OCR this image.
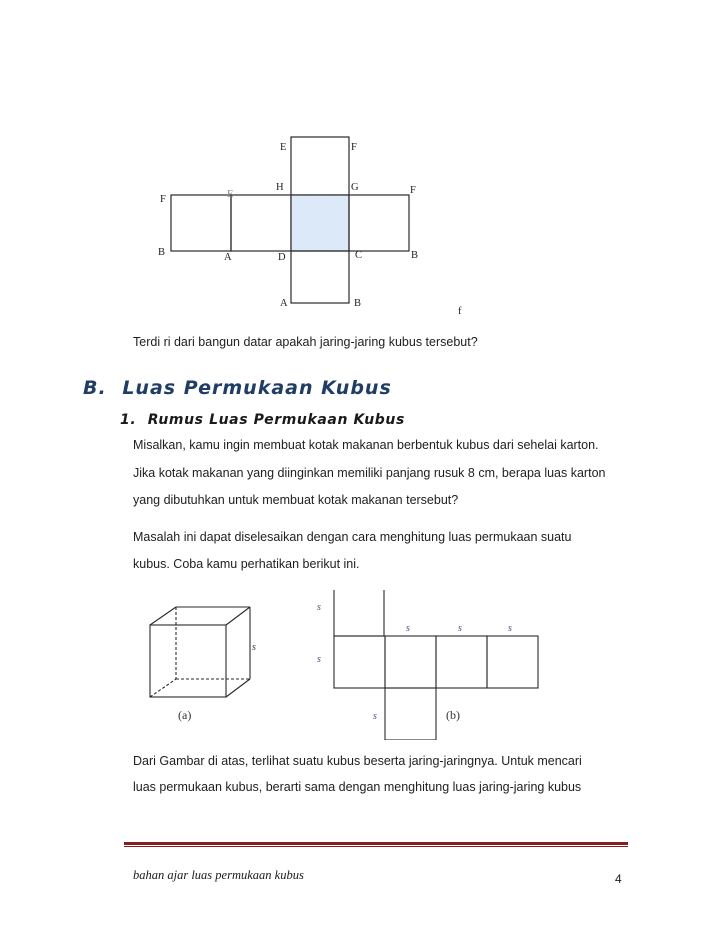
E	F
F	E
H	G	F
B	A	D	C	B
A	B
f
Terdi ri dari bangun datar apakah jaring-jaring kubus tersebut?
B. Luas Permukaan Kubus
1. Rumus Luas Permukaan Kubus
Misalkan, kamu ingin membuat kotak makanan berbentuk kubus dari sehelai karton.
Jika kotak makanan yang diinginkan memiliki panjang rusuk 8 cm, berapa luas karton
yang dibutuhkan untuk membuat kotak makanan tersebut?
Masalah ini dapat diselesaikan dengan cara menghitung luas permukaan suatu
kubus. Coba kamu perhatikan berikut ini.
s
(a)
s
s
s	s	s
s	(b)
Dari Gambar di atas, terlihat suatu kubus beserta jaring-jaringnya. Untuk mencari
luas permukaan kubus, berarti sama dengan menghitung luas jaring-jaring kubus
bahan ajar luas permukaan kubus	4
